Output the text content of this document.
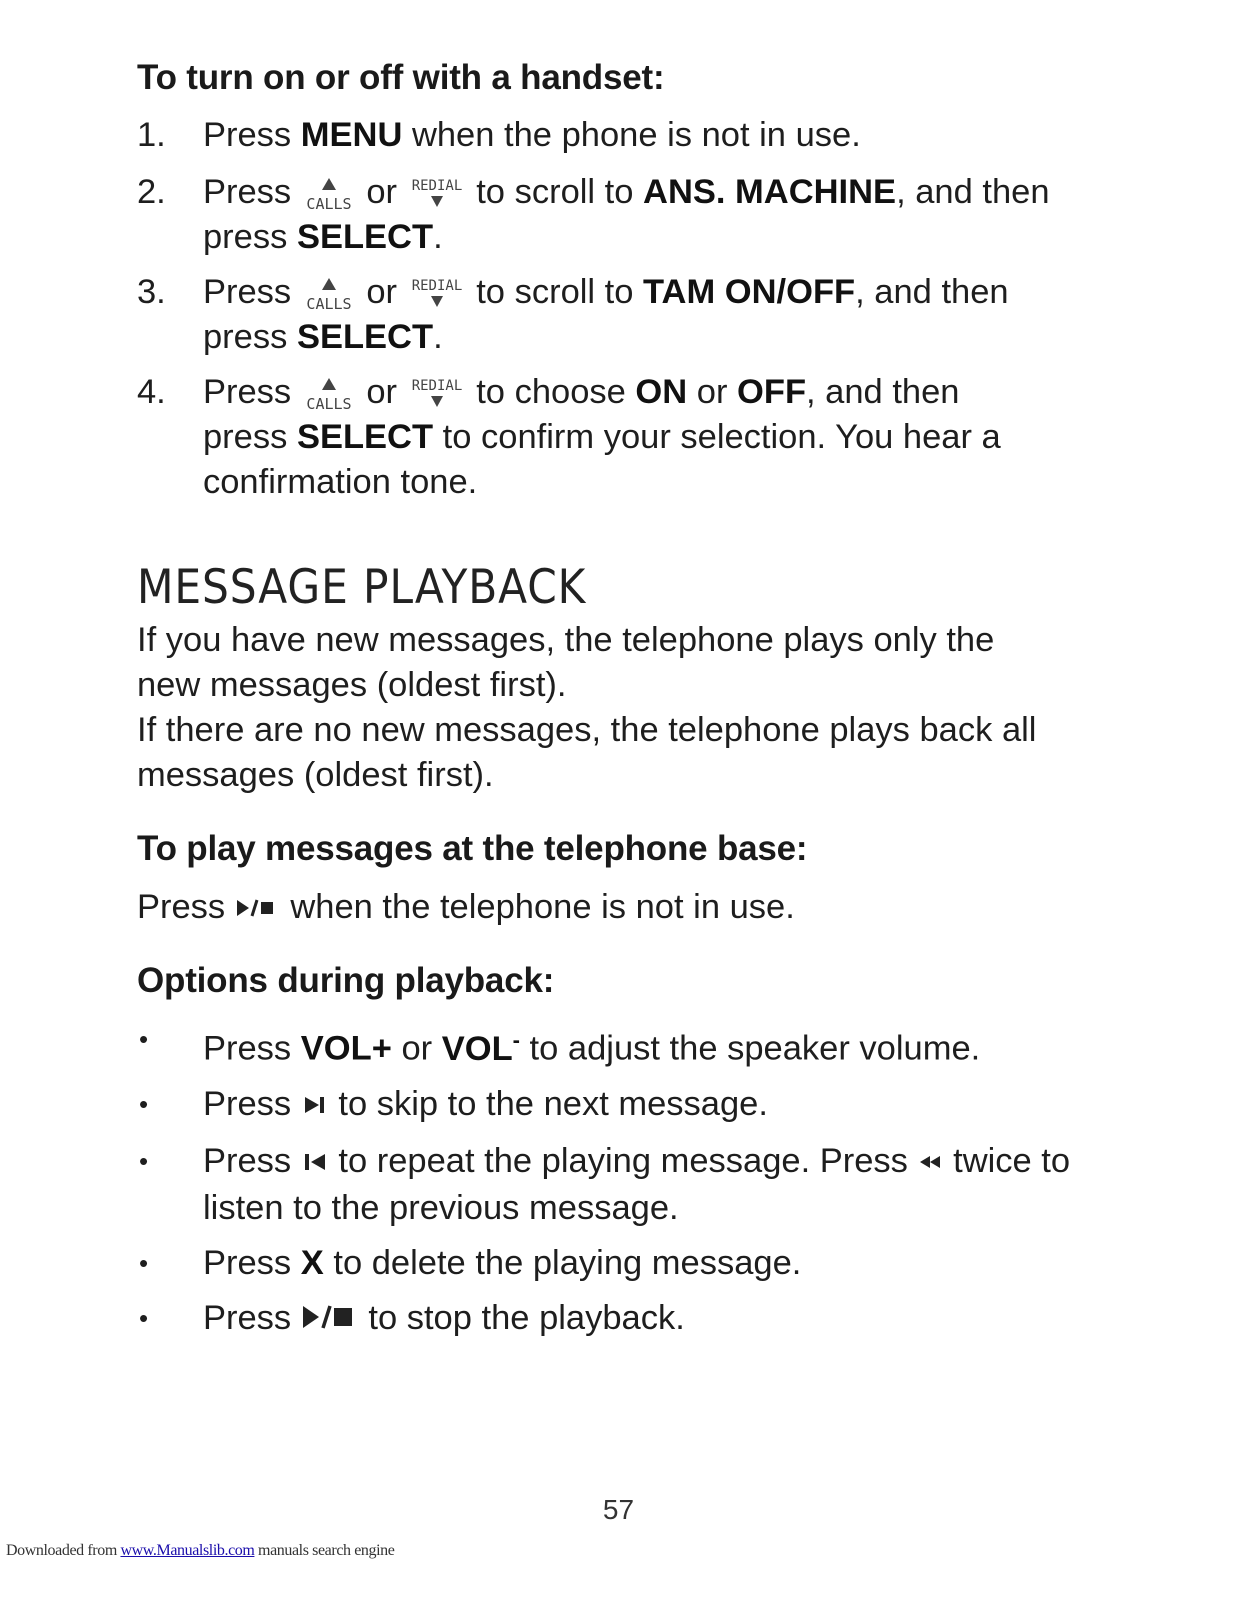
To turn on or off with a handset:
1. Press MENU when the phone is not in use.
2. Press CALLS or REDIAL to scroll to ANS. MACHINE, and then
press SELECT.
3. Press CALLS or REDIAL to scroll to TAM ON/OFF, and then
press SELECT.
4. Press CALLS or REDIAL to choose ON or OFF, and then
press SELECT to confirm your selection. You hear a
confirmation tone.
MESSAGE PLAYBACK

If you have new messages, the telephone plays only the new messages (oldest first).

If there are no new messages, the telephone plays back all messages (oldest first).

To play messages at the telephone base:

Press  when the telephone is not in use.

Options during playback:
• Press VOL+ or VOL- to adjust the speaker volume.
• Press  to skip to the next message.
• Press  to repeat the playing message. Press  twice to listen to the previous message.
• Press X to delete the playing message.
• Press  to stop the playback.
57
Downloaded from www.Manualslib.com manuals search engine
